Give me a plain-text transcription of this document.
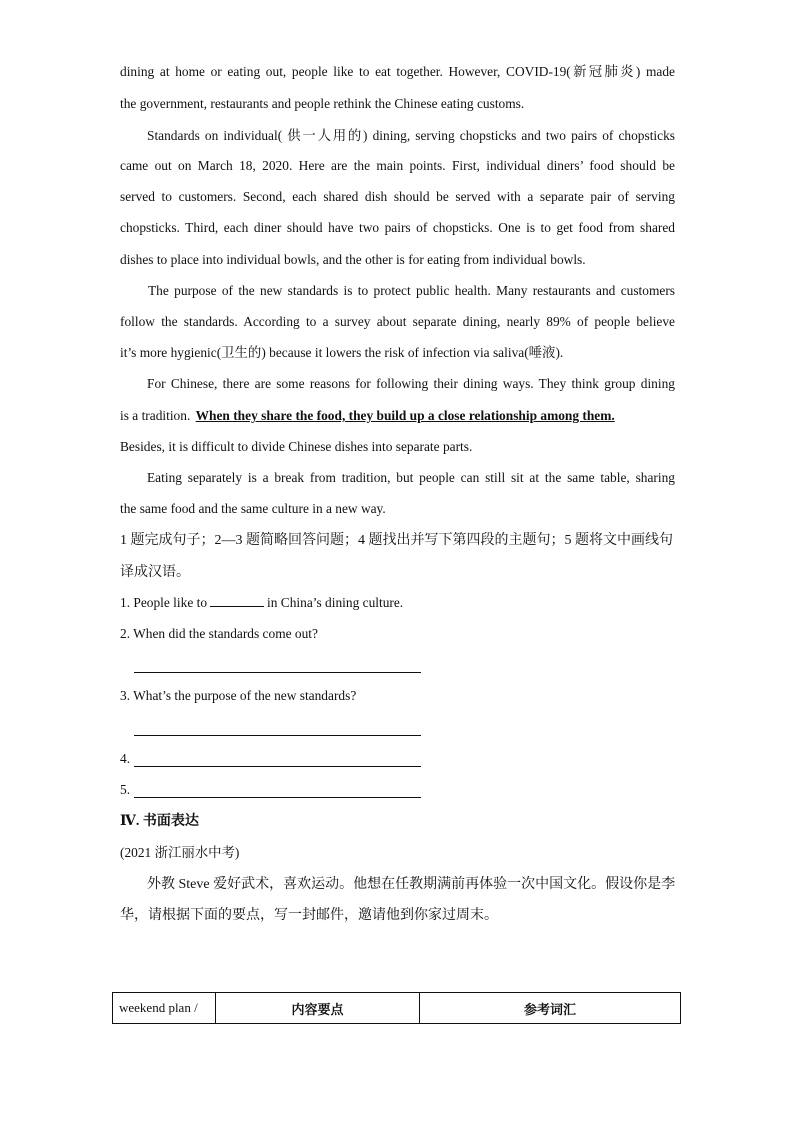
dining at home or eating out, people like to eat together. However, COVID-19(新冠肺炎) made
the government, restaurants and people rethink the Chinese eating customs.
Standards on individual( 供一人用的) dining, serving chopsticks and two pairs of chopsticks
came out on March 18, 2020. Here are the main points. First, individual diners’ food should be
served to customers. Second, each shared dish should be served with a separate pair of serving
chopsticks. Third, each diner should have two pairs of chopsticks. One is to get food from shared
dishes to place into individual bowls, and the other is for eating from individual bowls.
The purpose of the new standards is to protect public health. Many restaurants and customers
follow the standards. According to a survey about separate dining, nearly 89% of people believe
it’s more hygienic(卫生的) because it lowers the risk of infection via saliva(唾液).
For Chinese, there are some reasons for following their dining ways. They think group dining
is a tradition. When they share the food, they build up a close relationship among them.
Besides, it is difficult to divide Chinese dishes into separate parts.
Eating separately is a break from tradition, but people can still sit at the same table, sharing
the same food and the same culture in a new way.
1 题完成句子；2—3 题简略回答问题；4 题找出并写下第四段的主题句；5 题将文中画线句
译成汉语。
1. People like to	in China’s dining culture.
2. When did the standards come out?
3. What’s the purpose of the new standards?
4.
5.
Ⅳ. 书面表达
(2021 浙江丽水中考)
外教 Steve 爱好武术，喜欢运动。他想在任教期满前再体验一次中国文化。假设你是李
华，请根据下面的要点，写一封邮件，邀请他到你家过周末。
weekend plan /	内容要点	参考词汇
